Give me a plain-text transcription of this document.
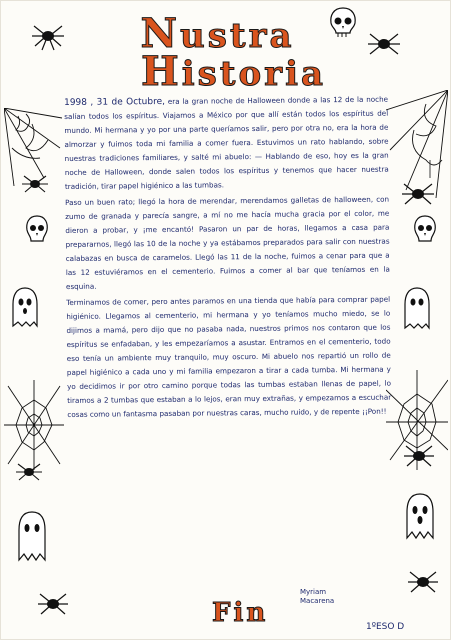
Nustra
Historia

1998 , 31 de Octubre, era la gran noche de Halloween donde a las 12 de la noche salían todos los espíritus. Viajamos a México por que allí están todos los espíritus del mundo. Mi hermana y yo por una parte queríamos salir, pero por otra no, era la hora de almorzar y fuimos toda mi familia a comer fuera. Estuvimos un rato hablando, sobre nuestras tradiciones familiares, y salté mi abuelo: — Hablando de eso, hoy es la gran noche de Halloween, donde salen todos los espíritus y tenemos que hacer nuestra tradición, tirar papel higiénico a las tumbas.

Paso un buen rato; llegó la hora de merendar, merendamos galletas de halloween, con zumo de granada y parecía sangre, a mí no me hacía mucha gracia por el color, me dieron a probar, y ¡me encantó! Pasaron un par de horas, llegamos a casa para prepararnos, llegó las 10 de la noche y ya estábamos preparados para salir con nuestras calabazas en busca de caramelos. Llegó las 11 de la noche, fuimos a cenar para que a las 12 estuviéramos en el cementerio. Fuimos a comer al bar que teníamos en la esquina.

Terminamos de comer, pero antes paramos en una tienda que había para comprar papel higiénico. Llegamos al cementerio, mi hermana y yo teníamos mucho miedo, se lo dijimos a mamá, pero dijo que no pasaba nada, nuestros primos nos contaron que los espíritus se enfadaban, y les empezaríamos a asustar. Entramos en el cementerio, todo eso tenía un ambiente muy tranquilo, muy oscuro. Mi abuelo nos repartió un rollo de papel higiénico a cada uno y mi familia empezaron a tirar a cada tumba. Mi hermana y yo decidimos ir por otro camino porque todas las tumbas estaban llenas de papel, lo tiramos a 2 tumbas que estaban a lo lejos, eran muy extrañas, y empezamos a escuchar cosas como un fantasma pasaban por nuestras caras, mucho ruido, y de repente ¡¡Pon!!

Fin
Myriam
Macarena
1ºESO D
